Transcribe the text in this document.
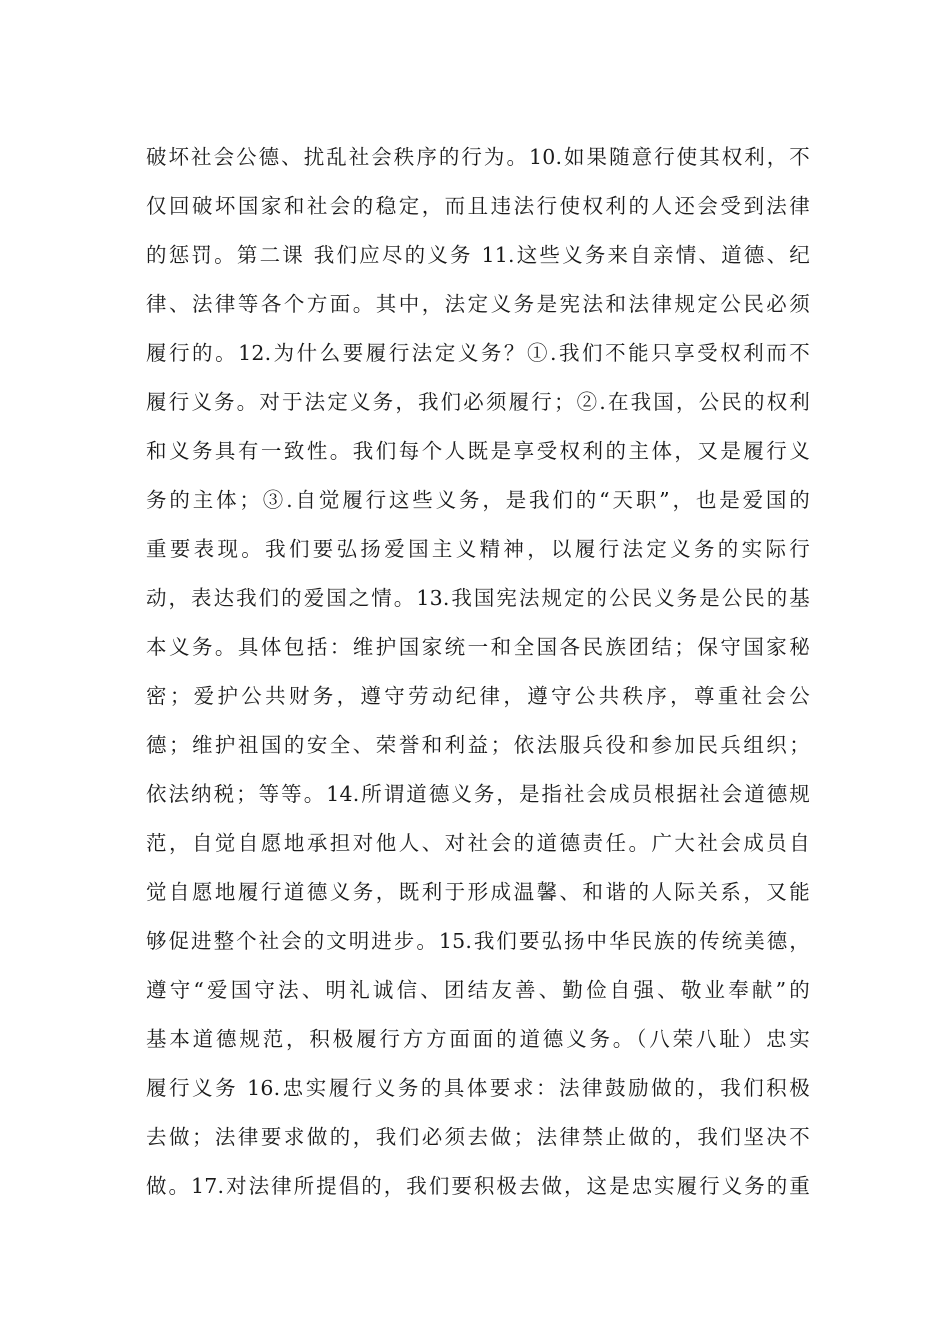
破坏社会公德、扰乱社会秩序的行为。10.如果随意行使其权利，不
仅回破坏国家和社会的稳定，而且违法行使权利的人还会受到法律
的惩罚。第二课 我们应尽的义务 11.这些义务来自亲情、道德、纪
律、法律等各个方面。其中，法定义务是宪法和法律规定公民必须
履行的。12.为什么要履行法定义务？①.我们不能只享受权利而不
履行义务。对于法定义务，我们必须履行；②.在我国，公民的权利
和义务具有一致性。我们每个人既是享受权利的主体，又是履行义
务的主体；③.自觉履行这些义务，是我们的“天职”，也是爱国的
重要表现。我们要弘扬爱国主义精神，以履行法定义务的实际行
动，表达我们的爱国之情。13.我国宪法规定的公民义务是公民的基
本义务。具体包括：维护国家统一和全国各民族团结；保守国家秘
密；爱护公共财务，遵守劳动纪律，遵守公共秩序，尊重社会公
德；维护祖国的安全、荣誉和利益；依法服兵役和参加民兵组织；
依法纳税；等等。14.所谓道德义务，是指社会成员根据社会道德规
范，自觉自愿地承担对他人、对社会的道德责任。广大社会成员自
觉自愿地履行道德义务，既利于形成温馨、和谐的人际关系，又能
够促进整个社会的文明进步。15.我们要弘扬中华民族的传统美德，
遵守“爱国守法、明礼诚信、团结友善、勤俭自强、敬业奉献”的
基本道德规范，积极履行方方面面的道德义务。（八荣八耻）忠实
履行义务 16.忠实履行义务的具体要求：法律鼓励做的，我们积极
去做；法律要求做的，我们必须去做；法律禁止做的，我们坚决不
做。17.对法律所提倡的，我们要积极去做，这是忠实履行义务的重
